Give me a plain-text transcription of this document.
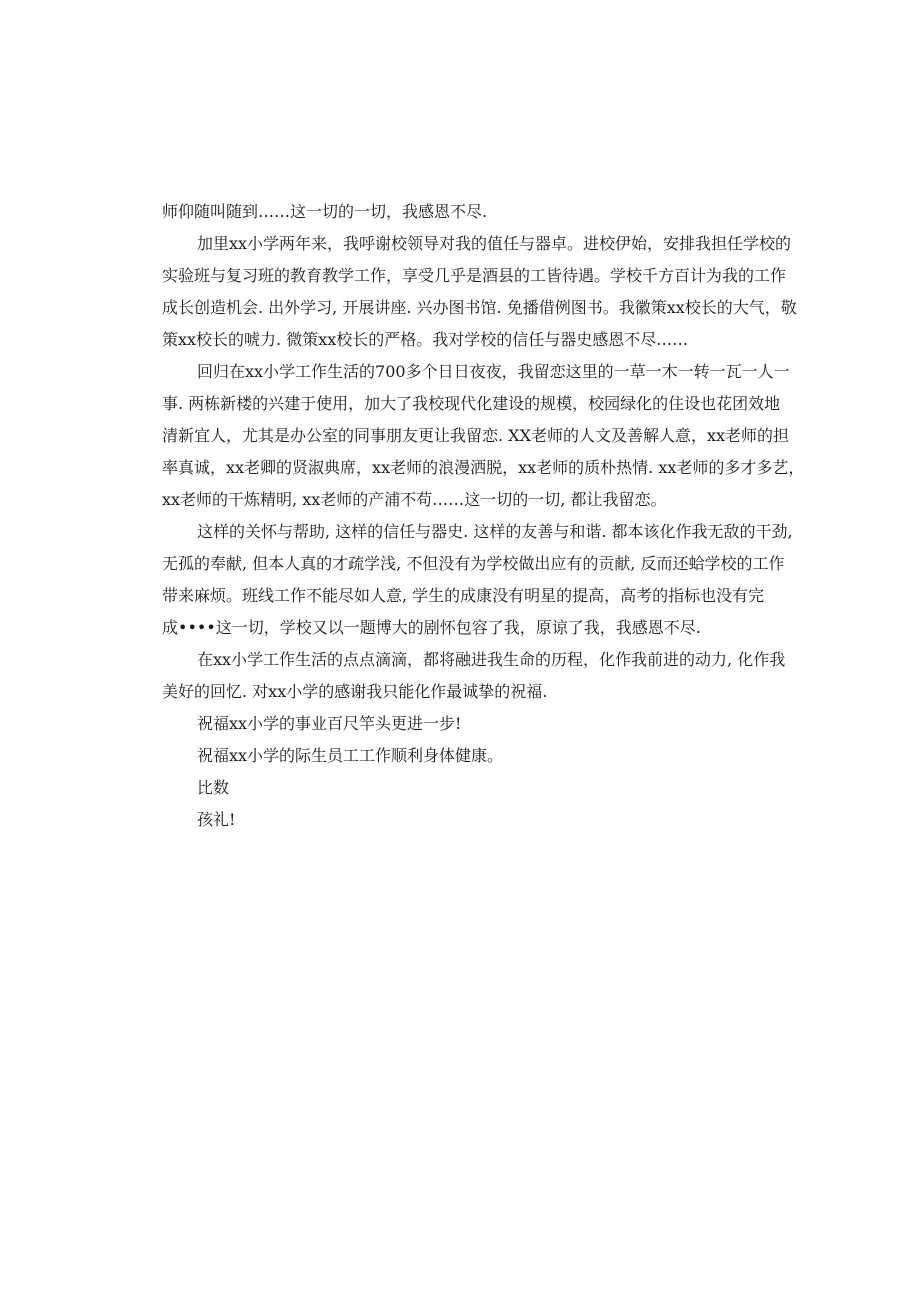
师仰随叫随到……这一切的一切，我感恩不尽.
加里xx小学两年来，我呼谢校领导对我的值任与器卓。进校伊始，安排我担任学校的
实验班与复习班的教育教学工作，享受几乎是酒县的工皆待遇。学校千方百计为我的工作
成长创造机会. 出外学习, 开展讲座. 兴办图书馆. 免播借例图书。我徽策xx校长的大气，敬
策xx校长的唬力. 微策xx校长的严格。我对学校的信任与器史感恩不尽……
回归在xx小学工作生活的700多个日日夜夜，我留恋这里的一草一木一转一瓦一人一
事. 两栋新楼的兴建于使用，加大了我校现代化建设的规模，校园绿化的住设也花团效地
清新宜人，尤其是办公室的同事朋友更让我留恋. XX老师的人文及善解人意，xx老师的担
率真诚，xx老卿的贤淑典席，xx老师的浪漫洒脱，xx老师的质朴热情. xx老师的多才多艺，
xx老师的干炼精明, xx老师的产浦不苟……这一切的一切, 都让我留恋。
这样的关怀与帮助, 这样的信任与器史. 这样的友善与和谐. 都本该化作我无敌的干劲,
无孤的奉献, 但本人真的才疏学浅, 不但没有为学校做出应有的贡献, 反而还蛤学校的工作
带来麻烦。班线工作不能尽如人意, 学生的成康没有明星的提高，高考的指标也没有完
成••••这一切，学校又以一题博大的剧怀包容了我，原谅了我，我感恩不尽.
在xx小学工作生活的点点滴滴，都将融进我生命的历程，化作我前进的动力, 化作我
美好的回忆. 对xx小学的感谢我只能化作最诚挚的祝福.
祝福xx小学的事业百尺竿头更进一步!
祝福xx小学的际生员工工作顺利身体健康。
比数
孩礼!
